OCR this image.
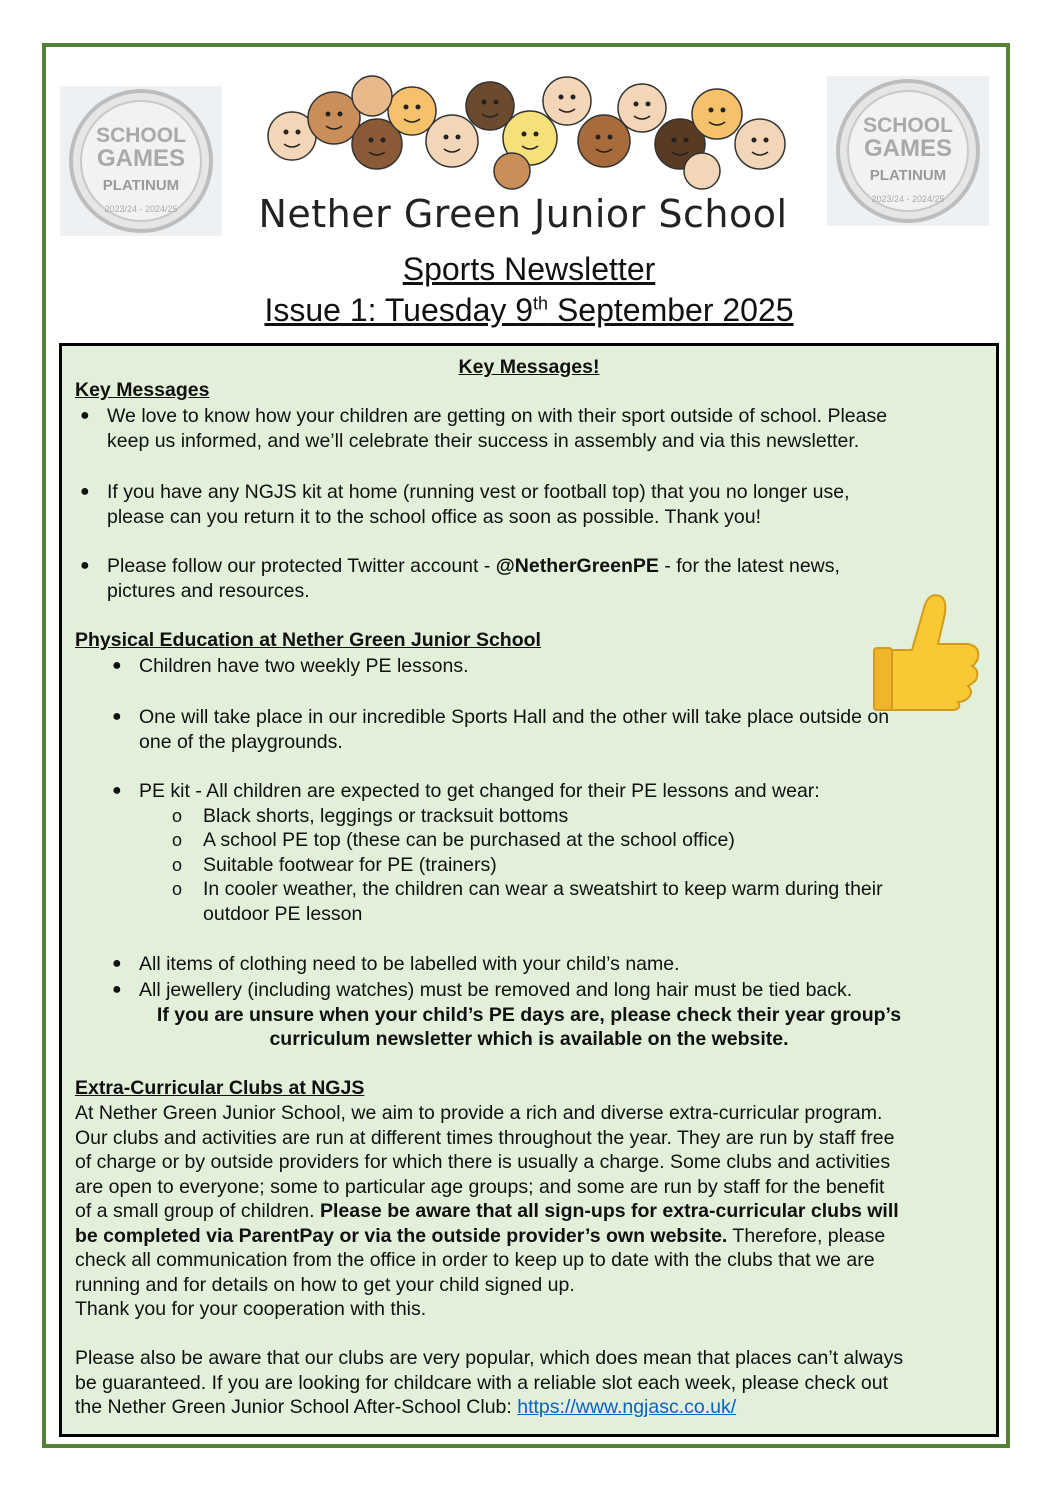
SCHOOL
GAMES
PLATINUM
2023/24 - 2024/25
SCHOOL
GAMES
PLATINUM
2023/24 - 2024/25
Nether Green Junior School
Sports Newsletter
Issue 1: Tuesday 9th September 2025
Key Messages!
Key Messages
● We love to know how your children are getting on with their sport outside of school. Please
keep us informed, and we’ll celebrate their success in assembly and via this newsletter.
● If you have any NGJS kit at home (running vest or football top) that you no longer use,
please can you return it to the school office as soon as possible. Thank you!
● Please follow our protected Twitter account - @NetherGreenPE - for the latest news,
pictures and resources.
Physical Education at Nether Green Junior School
● Children have two weekly PE lessons.
● One will take place in our incredible Sports Hall and the other will take place outside on
one of the playgrounds.
● PE kit - All children are expected to get changed for their PE lessons and wear:
o Black shorts, leggings or tracksuit bottoms
o A school PE top (these can be purchased at the school office)
o Suitable footwear for PE (trainers)
o In cooler weather, the children can wear a sweatshirt to keep warm during their
outdoor PE lesson
● All items of clothing need to be labelled with your child’s name.
● All jewellery (including watches) must be removed and long hair must be tied back.
If you are unsure when your child’s PE days are, please check their year group’s
curriculum newsletter which is available on the website.
Extra-Curricular Clubs at NGJS
At Nether Green Junior School, we aim to provide a rich and diverse extra-curricular program.
Our clubs and activities are run at different times throughout the year. They are run by staff free
of charge or by outside providers for which there is usually a charge. Some clubs and activities
are open to everyone; some to particular age groups; and some are run by staff for the benefit
of a small group of children. Please be aware that all sign-ups for extra-curricular clubs will
be completed via ParentPay or via the outside provider’s own website. Therefore, please
check all communication from the office in order to keep up to date with the clubs that we are
running and for details on how to get your child signed up.
Thank you for your cooperation with this.
Please also be aware that our clubs are very popular, which does mean that places can’t always
be guaranteed. If you are looking for childcare with a reliable slot each week, please check out
the Nether Green Junior School After-School Club: https://www.ngjasc.co.uk/
